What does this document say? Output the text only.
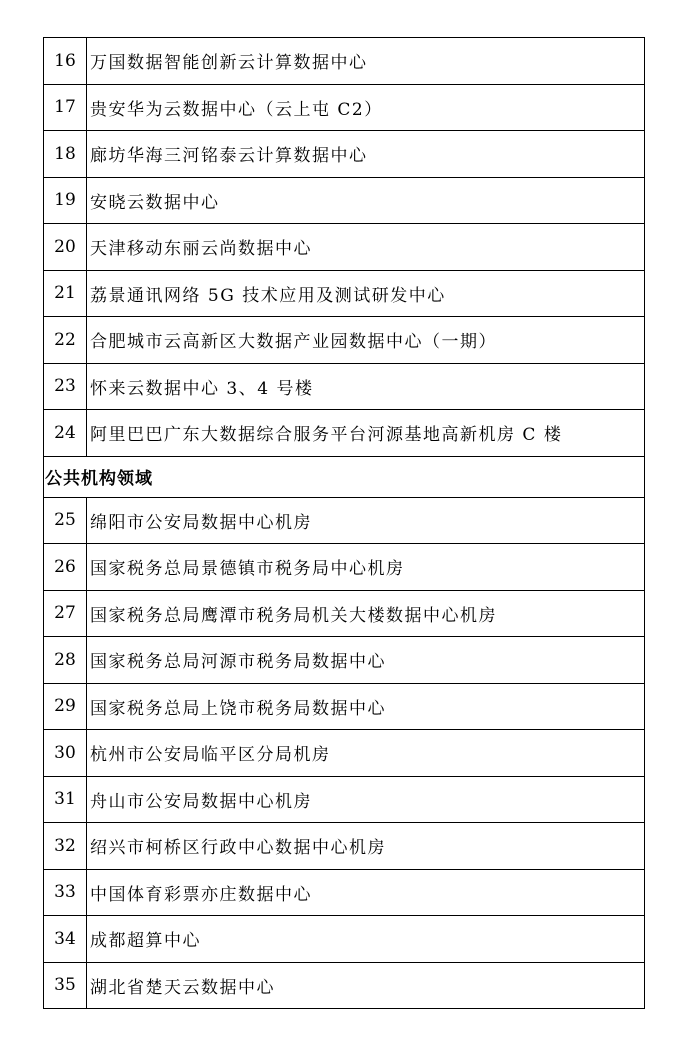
16	万国数据智能创新云计算数据中心
17	贵安华为云数据中心（云上屯 C2）
18	廊坊华海三河铭泰云计算数据中心
19	安晓云数据中心
20	天津移动东丽云尚数据中心
21	荔景通讯网络 5G 技术应用及测试研发中心
22	合肥城市云高新区大数据产业园数据中心（一期）
23	怀来云数据中心 3、4 号楼
24	阿里巴巴广东大数据综合服务平台河源基地高新机房 C 楼
公共机构领域	
25	绵阳市公安局数据中心机房
26	国家税务总局景德镇市税务局中心机房
27	国家税务总局鹰潭市税务局机关大楼数据中心机房
28	国家税务总局河源市税务局数据中心
29	国家税务总局上饶市税务局数据中心
30	杭州市公安局临平区分局机房
31	舟山市公安局数据中心机房
32	绍兴市柯桥区行政中心数据中心机房
33	中国体育彩票亦庄数据中心
34	成都超算中心
35	湖北省楚天云数据中心
